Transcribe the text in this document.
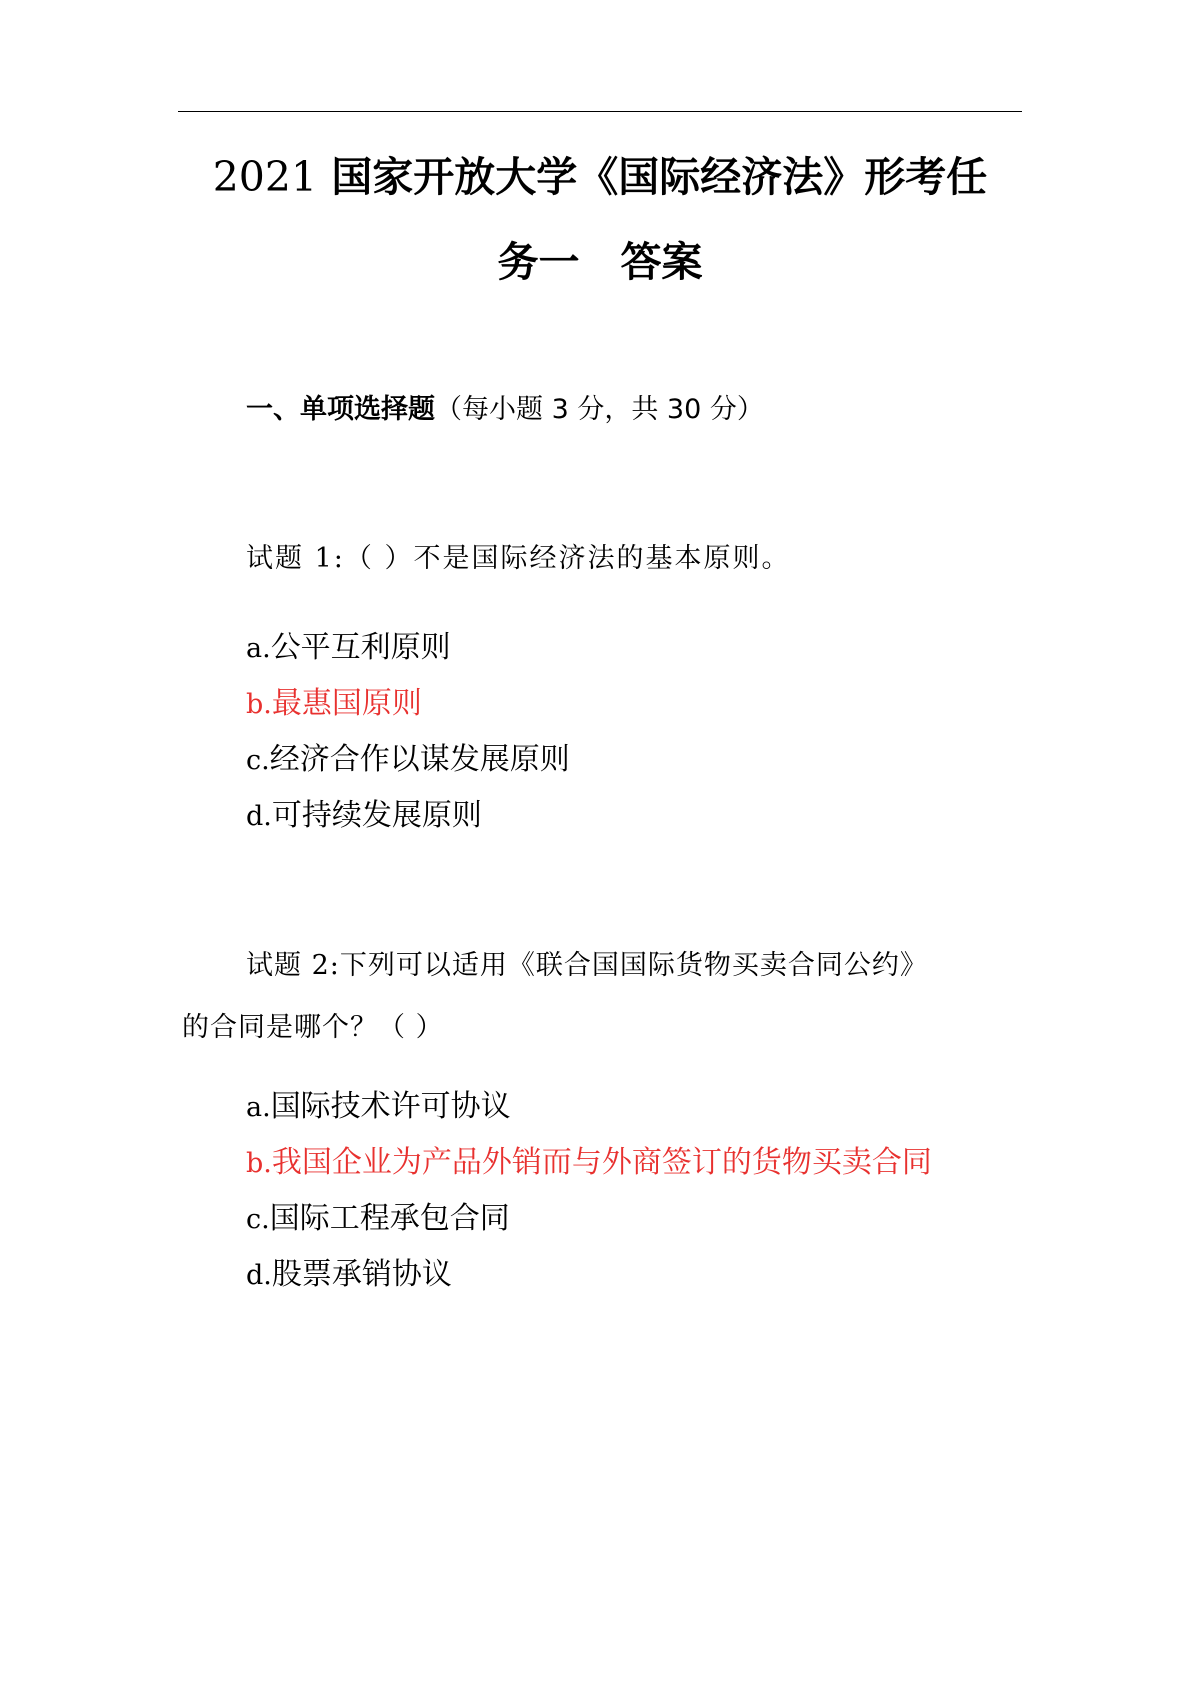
2021 国家开放大学《国际经济法》形考任
务一　答案
一、单项选择题（每小题 3 分，共 30 分）
试题 1:（ ）不是国际经济法的基本原则。
a.公平互利原则
b.最惠国原则
c.经济合作以谋发展原则
d.可持续发展原则
试题 2:下列可以适用《联合国国际货物买卖合同公约》
的合同是哪个？（ ）
a.国际技术许可协议
b.我国企业为产品外销而与外商签订的货物买卖合同
c.国际工程承包合同
d.股票承销协议
